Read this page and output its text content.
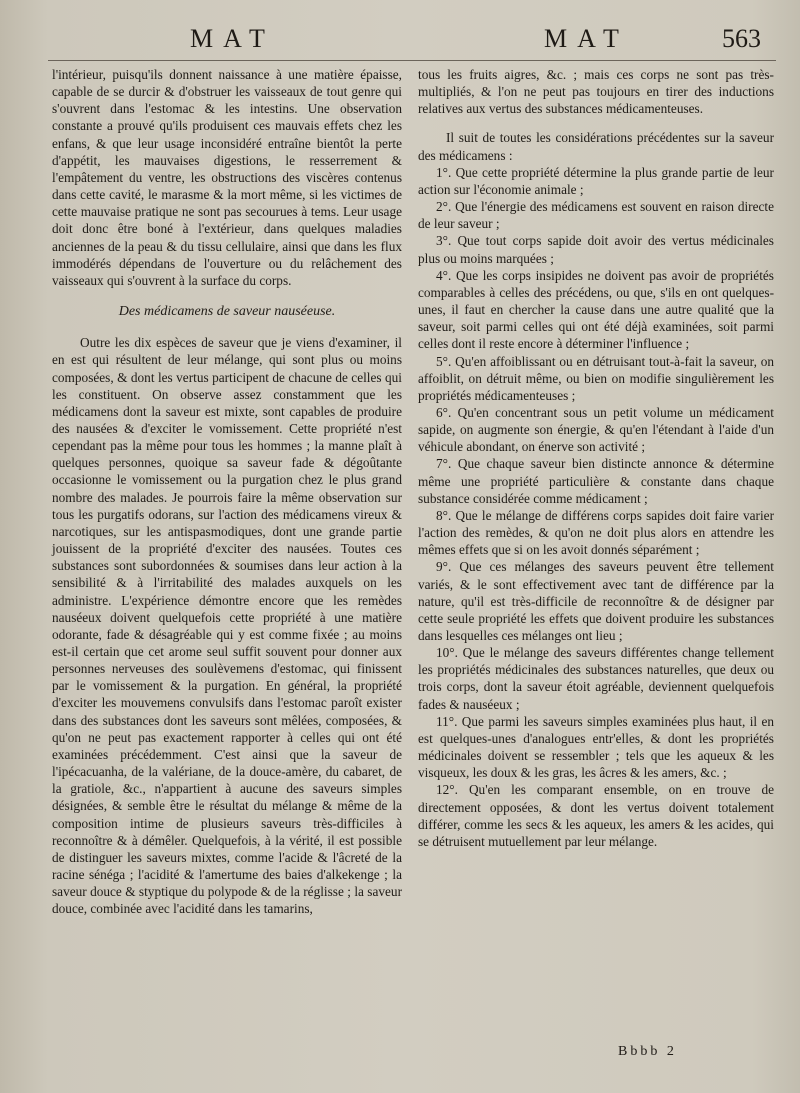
MAT	MAT	563

l'intérieur, puisqu'ils donnent naissance à une matière épaisse, capable de se durcir & d'obstruer les vaisseaux de tout genre qui s'ouvrent dans l'estomac & les intestins. Une observation constante a prouvé qu'ils produisent ces mauvais effets chez les enfans, & que leur usage inconsidéré entraîne bientôt la perte d'appétit, les mauvaises digestions, le resserrement & l'empâtement du ventre, les obstructions des viscères contenus dans cette cavité, le marasme & la mort même, si les victimes de cette mauvaise pratique ne sont pas secourues à tems. Leur usage doit donc être boné à l'extérieur, dans quelques maladies anciennes de la peau & du tissu cellulaire, ainsi que dans les flux immodérés dépendans de l'ouverture ou du relâchement des vaisseaux qui s'ouvrent à la surface du corps.

Des médicamens de saveur nauséeuse.

Outre les dix espèces de saveur que je viens d'examiner, il en est qui résultent de leur mélange, qui sont plus ou moins composées, & dont les vertus participent de chacune de celles qui les constituent. On observe assez constamment que les médicamens dont la saveur est mixte, sont capables de produire des nausées & d'exciter le vomissement. Cette propriété n'est cependant pas la même pour tous les hommes ; la manne plaît à quelques personnes, quoique sa saveur fade & dégoûtante occasionne le vomissement ou la purgation chez le plus grand nombre des malades. Je pourrois faire la même observation sur tous les purgatifs odorans, sur l'action des médicamens vireux & narcotiques, sur les antispasmodiques, dont une grande partie jouissent de la propriété d'exciter des nausées. Toutes ces substances sont subordonnées & soumises dans leur action à la sensibilité & à l'irritabilité des malades auxquels on les administre. L'expérience démontre encore que les remèdes nauséeux doivent quelquefois cette propriété à une matière odorante, fade & désagréable qui y est comme fixée ; au moins est-il certain que cet arome seul suffit souvent pour donner aux personnes nerveuses des soulèvemens d'estomac, qui finissent par le vomissement & la purgation. En général, la propriété d'exciter les mouvemens convulsifs dans l'estomac paroît exister dans des substances dont les saveurs sont mêlées, composées, & qu'on ne peut pas exactement rapporter à celles qui ont été examinées précédemment. C'est ainsi que la saveur de l'ipécacuanha, de la valériane, de la douce-amère, du cabaret, de la gratiole, &c., n'appartient à aucune des saveurs simples désignées, & semble être le résultat du mélange & même de la composition intime de plusieurs saveurs très-difficiles à reconnoître & à démêler. Quelquefois, à la vérité, il est possible de distinguer les saveurs mixtes, comme l'acide & l'âcreté de la racine sénéga ; l'acidité & l'amertume des baies d'alkekenge ; la saveur douce & styptique du polypode & de la réglisse ; la saveur douce, combinée avec l'acidité dans les tamarins,

tous les fruits aigres, &c. ; mais ces corps ne sont pas très-multipliés, & l'on ne peut pas toujours en tirer des inductions relatives aux vertus des substances médicamenteuses.

Il suit de toutes les considérations précédentes sur la saveur des médicamens :

1°. Que cette propriété détermine la plus grande partie de leur action sur l'économie animale ;

2°. Que l'énergie des médicamens est souvent en raison directe de leur saveur ;

3°. Que tout corps sapide doit avoir des vertus médicinales plus ou moins marquées ;

4°. Que les corps insipides ne doivent pas avoir de propriétés comparables à celles des précédens, ou que, s'ils en ont quelques-unes, il faut en chercher la cause dans une autre qualité que la saveur, soit parmi celles qui ont été déjà examinées, soit parmi celles dont il reste encore à déterminer l'influence ;

5°. Qu'en affoiblissant ou en détruisant tout-à-fait la saveur, on affoiblit, on détruit même, ou bien on modifie singulièrement les propriétés médicamenteuses ;

6°. Qu'en concentrant sous un petit volume un médicament sapide, on augmente son énergie, & qu'en l'étendant à l'aide d'un véhicule abondant, on énerve son activité ;

7°. Que chaque saveur bien distincte annonce & détermine même une propriété particulière & constante dans chaque substance considérée comme médicament ;

8°. Que le mélange de différens corps sapides doit faire varier l'action des remèdes, & qu'on ne doit plus alors en attendre les mêmes effets que si on les avoit donnés séparément ;

9°. Que ces mélanges des saveurs peuvent être tellement variés, & le sont effectivement avec tant de différence par la nature, qu'il est très-difficile de reconnoître & de désigner par cette seule propriété les effets que doivent produire les substances dans lesquelles ces mélanges ont lieu ;

10°. Que le mélange des saveurs différentes change tellement les propriétés médicinales des substances naturelles, que deux ou trois corps, dont la saveur étoit agréable, deviennent quelquefois fades & nauséeux ;

11°. Que parmi les saveurs simples examinées plus haut, il en est quelques-unes d'analogues entr'elles, & dont les propriétés médicinales doivent se ressembler ; tels que les aqueux & les visqueux, les doux & les gras, les âcres & les amers, &c. ;

12°. Qu'en les comparant ensemble, on en trouve de directement opposées, & dont les vertus doivent totalement différer, comme les secs & les aqueux, les amers & les acides, qui se détruisent mutuellement par leur mélange.

Bbbb 2
